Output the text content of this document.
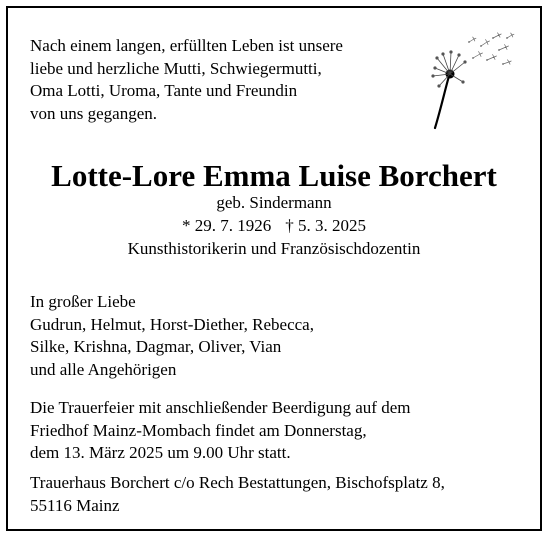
Nach einem langen, erfüllten Leben ist unsere
liebe und herzliche Mutti, Schwiegermutti,
Oma Lotti, Uroma, Tante und Freundin
von uns gegangen.
Lotte-Lore Emma Luise Borchert
geb. Sindermann
* 29. 7. 1926 † 5. 3. 2025
Kunsthistorikerin und Französischdozentin
In großer Liebe
Gudrun, Helmut, Horst-Diether, Rebecca,
Silke, Krishna, Dagmar, Oliver, Vian
und alle Angehörigen
Die Trauerfeier mit anschließender Beerdigung auf dem
Friedhof Mainz-Mombach findet am Donnerstag,
dem 13. März 2025 um 9.00 Uhr statt.
Trauerhaus Borchert c/o Rech Bestattungen, Bischofsplatz 8,
55116 Mainz
